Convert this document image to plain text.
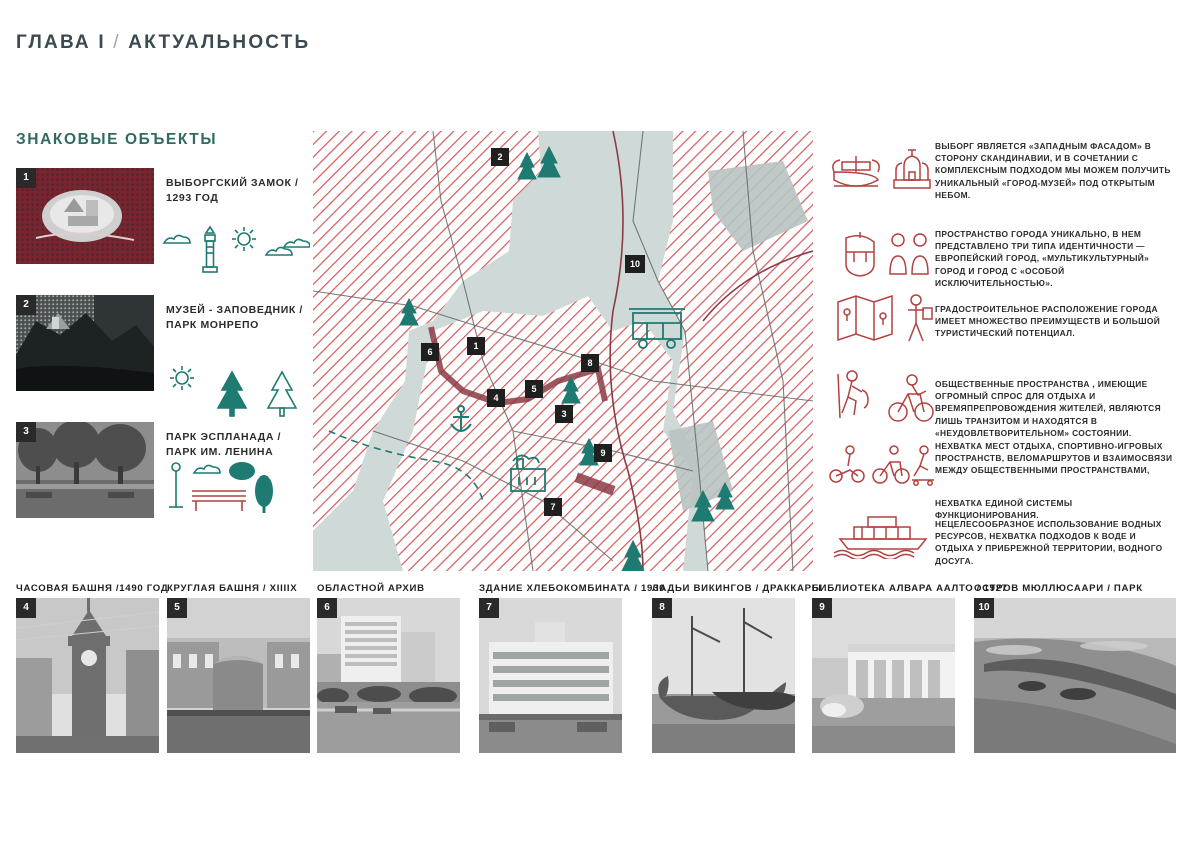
ГЛАВА I / АКТУАЛЬНОСТЬ
ЗНАКОВЫЕ ОБЪЕКТЫ
1	ВЫБОРГСКИЙ ЗАМОК /
1293 ГОД
2	МУЗЕЙ - ЗАПОВЕДНИК /
ПАРК МОНРЕПО
3	ПАРК ЭСПЛАНАДА /
ПАРК ИМ. ЛЕНИНА
1
2
3
4
5
6
7
8
9
10
ВЫБОРГ ЯВЛЯЕТСЯ «ЗАПАДНЫМ ФАСАДОМ» В СТОРОНУ СКАНДИНАВИИ, И В СОЧЕТАНИИ С КОМПЛЕКСНЫМ ПОДХОДОМ МЫ МОЖЕМ ПОЛУЧИТЬ УНИКАЛЬНЫЙ «ГОРОД-МУЗЕЙ» ПОД ОТКРЫТЫМ НЕБОМ.
ПРОСТРАНСТВО ГОРОДА УНИКАЛЬНО, В НЕМ ПРЕДСТАВЛЕНО ТРИ ТИПА ИДЕНТИЧНОСТИ — ЕВРОПЕЙСКИЙ ГОРОД, «МУЛЬТИКУЛЬТУРНЫЙ» ГОРОД И ГОРОД С «ОСОБОЙ ИСКЛЮЧИТЕЛЬНОСТЬЮ».
ГРАДОСТРОИТЕЛЬНОЕ РАСПОЛОЖЕНИЕ ГОРОДА ИМЕЕТ МНОЖЕСТВО ПРЕИМУЩЕСТВ И БОЛЬШОЙ ТУРИСТИЧЕСКИЙ ПОТЕНЦИАЛ.
ОБЩЕСТВЕННЫЕ ПРОСТРАНСТВА , ИМЕЮЩИЕ ОГРОМНЫЙ СПРОС ДЛЯ ОТДЫХА И ВРЕМЯПРЕПРОВОЖДЕНИЯ ЖИТЕЛЕЙ, ЯВЛЯЮТСЯ ЛИШЬ ТРАНЗИТОМ И НАХОДЯТСЯ В «НЕУДОВЛЕТВОРИТЕЛЬНОМ» СОСТОЯНИИ.
НЕХВАТКА МЕСТ ОТДЫХА, СПОРТИВНО-ИГРОВЫХ ПРОСТРАНСТВ, ВЕЛОМАРШРУТОВ И ВЗАИМОСВЯЗИ МЕЖДУ ОБЩЕСТВЕННЫМИ ПРОСТРАНСТВАМИ,
НЕХВАТКА ЕДИНОЙ СИСТЕМЫ ФУНКЦИОНИРОВАНИЯ.
НЕЦЕЛЕСООБРАЗНОЕ ИСПОЛЬЗОВАНИЕ ВОДНЫХ РЕСУРСОВ, НЕХВАТКА ПОДХОДОВ К ВОДЕ И ОТДЫХА У ПРИБРЕЖНОЙ ТЕРРИТОРИИ, ВОДНОГО ДОСУГА.
ЧАСОВАЯ БАШНЯ /1490 ГОД
4
КРУГЛАЯ БАШНЯ / XIIIIX
5
ОБЛАСТНОЙ АРХИВ
6
ЗДАНИЕ ХЛЕБОКОМБИНАТА / 1930
7
ЛАДЬИ ВИКИНГОВ / ДРАККАРЫ
8
БИБЛИОТЕКА АЛВАРА ААЛТО / 1927
9
ОСТРОВ МЮЛЛЮСААРИ / ПАРК
10
